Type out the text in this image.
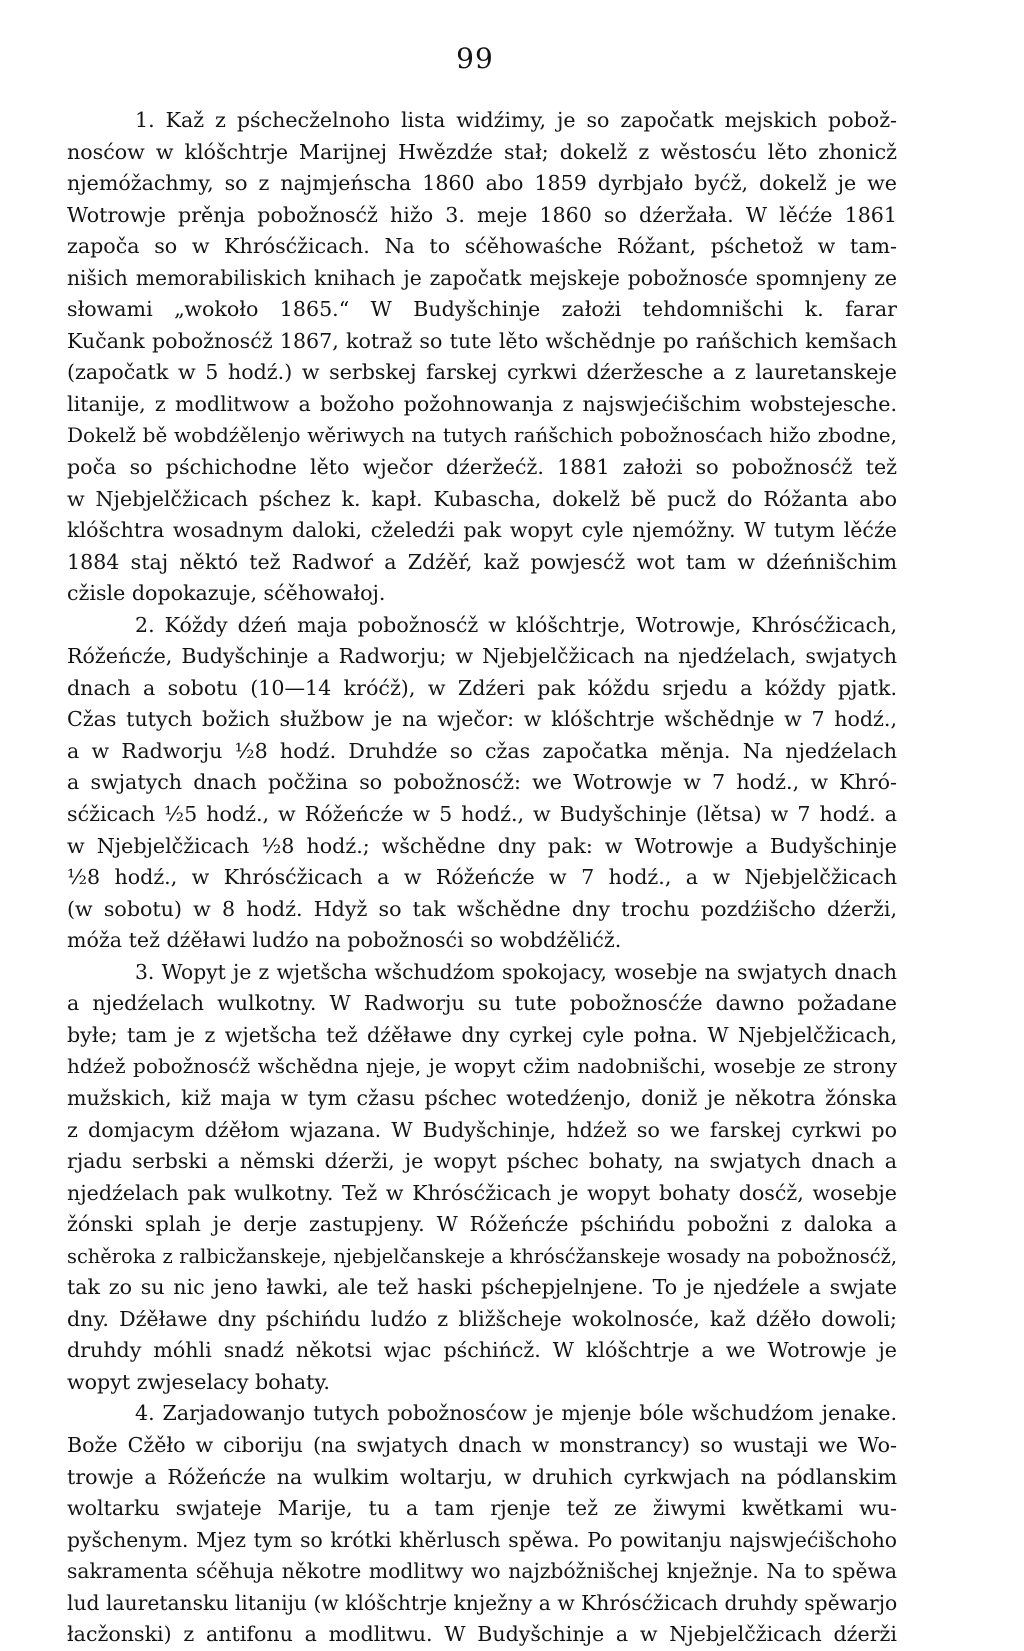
99
1. Kaž z pśchecželnoho lista widźimy, je so započatk mejskich pobož-
nosćow w klóšchtrje Marijnej Hwězdźe stał; dokelž z wěstosću lěto zhonicž
njemóžachmy, so z najmjeńscha 1860 abo 1859 dyrbjało byćž, dokelž je we
Wotrowje prěnja pobožnosćž hižo 3. meje 1860 so dźeržała. W lěćźe 1861
započa so w Khrósćžicach. Na to sćěhowaśche Róžant, pśchetož w tam-
nišich memorabiliskich knihach je započatk mejskeje pobožnosće spomnjeny ze
słowami „wokoło 1865.“ W Budyšchinje założi tehdomnišchi k. farar
Kučank pobožnosćž 1867, kotraž so tute lěto wšchědnje po rańšchich kemšach
(započatk w 5 hodź.) w serbskej farskej cyrkwi dźeržesche a z lauretanskeje
litanije, z modlitwow a božoho požohnowanja z najswjećišchim wobstejesche.
Dokelž bě wobdźělenjo wěriwych na tutych rańšchich pobožnosćach hižo zbodne,
poča so pśchichodne lěto wječor dźeržećž. 1881 założi so pobožnosćž tež
w Njebjelčžicach pśchez k. kapł. Kubascha, dokelž bě pucž do Róžanta abo
klóšchtra wosadnym daloki, cželedźi pak wopyt cyle njemóžny. W tutym lěćźe
1884 staj něktó tež Radwoŕ a Zdźěŕ, kaž powjesćž wot tam w dźeńnišchim
cžisle dopokazuje, sćěhowałoj.
2. Kóždy dźeń maja pobožnosćž w klóšchtrje, Wotrowje, Khrósćžicach,
Róžeńcźe, Budyšchinje a Radworju; w Njebjelčžicach na njedźelach, swjatych
dnach a sobotu (10—14 króćž), w Zdźeri pak kóždu srjedu a kóždy pjatk.
Cžas tutych božich słužbow je na wječor: w klóšchtrje wšchědnje w 7 hodź.,
a w Radworju ½8 hodź. Druhdźe so cžas započatka měnja. Na njedźelach
a swjatych dnach počžina so pobožnosćž: we Wotrowje w 7 hodź., w Khró-
sćžicach ½5 hodź., w Róžeńcźe w 5 hodź., w Budyšchinje (lětsa) w 7 hodź. a
w Njebjelčžicach ½8 hodź.; wšchědne dny pak: w Wotrowje a Budyšchinje
½8 hodź., w Khrósćžicach a w Róžeńcźe w 7 hodź., a w Njebjelčžicach
(w sobotu) w 8 hodź. Hdyž so tak wšchědne dny trochu pozdźišcho dźerži,
móža tež dźěławi ludźo na pobožnosći so wobdźělićž.
3. Wopyt je z wjetšcha wšchudźom spokojacy, wosebje na swjatych dnach
a njedźelach wulkotny. W Radworju su tute pobožnosćźe dawno požadane
byłe; tam je z wjetšcha tež dźěławe dny cyrkej cyle połna. W Njebjelčžicach,
hdźež pobožnosćž wšchědna njeje, je wopyt cžim nadobnišchi, wosebje ze strony
mužskich, kiž maja w tym cžasu pśchec wotedźenjo, doniž je někotra žónska
z domjacym dźěłom wjazana. W Budyšchinje, hdźež so we farskej cyrkwi po
rjadu serbski a němski dźerži, je wopyt pśchec bohaty, na swjatych dnach a
njedźelach pak wulkotny. Tež w Khrósćžicach je wopyt bohaty dosćž, wosebje
žónski splah je derje zastupjeny. W Róžeńcźe pśchińdu pobožni z daloka a
schěroka z ralbicžanskeje, njebjelčanskeje a khrósćžanskeje wosady na pobožnosćž,
tak zo su nic jeno ławki, ale tež haski pśchepjelnjene. To je njedźele a swjate
dny. Dźěławe dny pśchińdu ludźo z bližšcheje wokolnosće, kaž dźěło dowoli;
druhdy móhli snadź někotsi wjac pśchińcž. W klóšchtrje a we Wotrowje je
wopyt zwjeselacy bohaty.
4. Zarjadowanjo tutych pobožnosćow je mjenje bóle wšchudźom jenake.
Bože Cžěło w ciboriju (na swjatych dnach w monstrancy) so wustaji we Wo-
trowje a Róžeńcźe na wulkim woltarju, w druhich cyrkwjach na pódlanskim
woltarku swjateje Marije, tu a tam rjenje tež ze žiwymi kwětkami wu-
pyšchenym. Mjez tym so krótki khěrlusch spěwa. Po powitanju najswjećišchoho
sakramenta sćěhuja někotre modlitwy wo najzbóžnišchej knježnje. Na to spěwa
lud lauretansku litaniju (w klóšchtrje knježny a w Khrósćžicach druhdy spěwarjo
łacžonski) z antifonu a modlitwu. W Budyšchinje a w Njebjelčžicach dźerži
